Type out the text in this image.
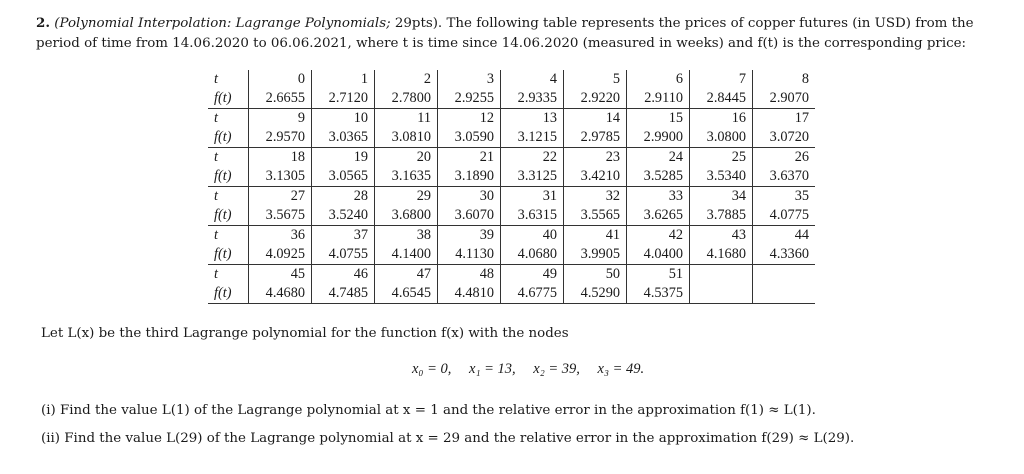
2. (Polynomial Interpolation: Lagrange Polynomials; 29pts). The following table represents the prices of copper futures (in USD) from the
period of time from 14.06.2020 to 06.06.2021, where t is time since 14.06.2020 (measured in weeks) and f(t) is the corresponding price:
t	0	1	2	3	4	5	6	7	8
f(t)	2.6655	2.7120	2.7800	2.9255	2.9335	2.9220	2.9110	2.8445	2.9070
t	9	10	11	12	13	14	15	16	17
f(t)	2.9570	3.0365	3.0810	3.0590	3.1215	2.9785	2.9900	3.0800	3.0720
t	18	19	20	21	22	23	24	25	26
f(t)	3.1305	3.0565	3.1635	3.1890	3.3125	3.4210	3.5285	3.5340	3.6370
t	27	28	29	30	31	32	33	34	35
f(t)	3.5675	3.5240	3.6800	3.6070	3.6315	3.5565	3.6265	3.7885	4.0775
t	36	37	38	39	40	41	42	43	44
f(t)	4.0925	4.0755	4.1400	4.1130	4.0680	3.9905	4.0400	4.1680	4.3360
t	45	46	47	48	49	50	51		
f(t)	4.4680	4.7485	4.6545	4.4810	4.6775	4.5290	4.5375		
Let L(x) be the third Lagrange polynomial for the function f(x) with the nodes
x₀ = 0, x₁ = 13, x₂ = 39, x₃ = 49.
(i) Find the value L(1) of the Lagrange polynomial at x = 1 and the relative error in the approximation f(1) ≈ L(1).
(ii) Find the value L(29) of the Lagrange polynomial at x = 29 and the relative error in the approximation f(29) ≈ L(29).
